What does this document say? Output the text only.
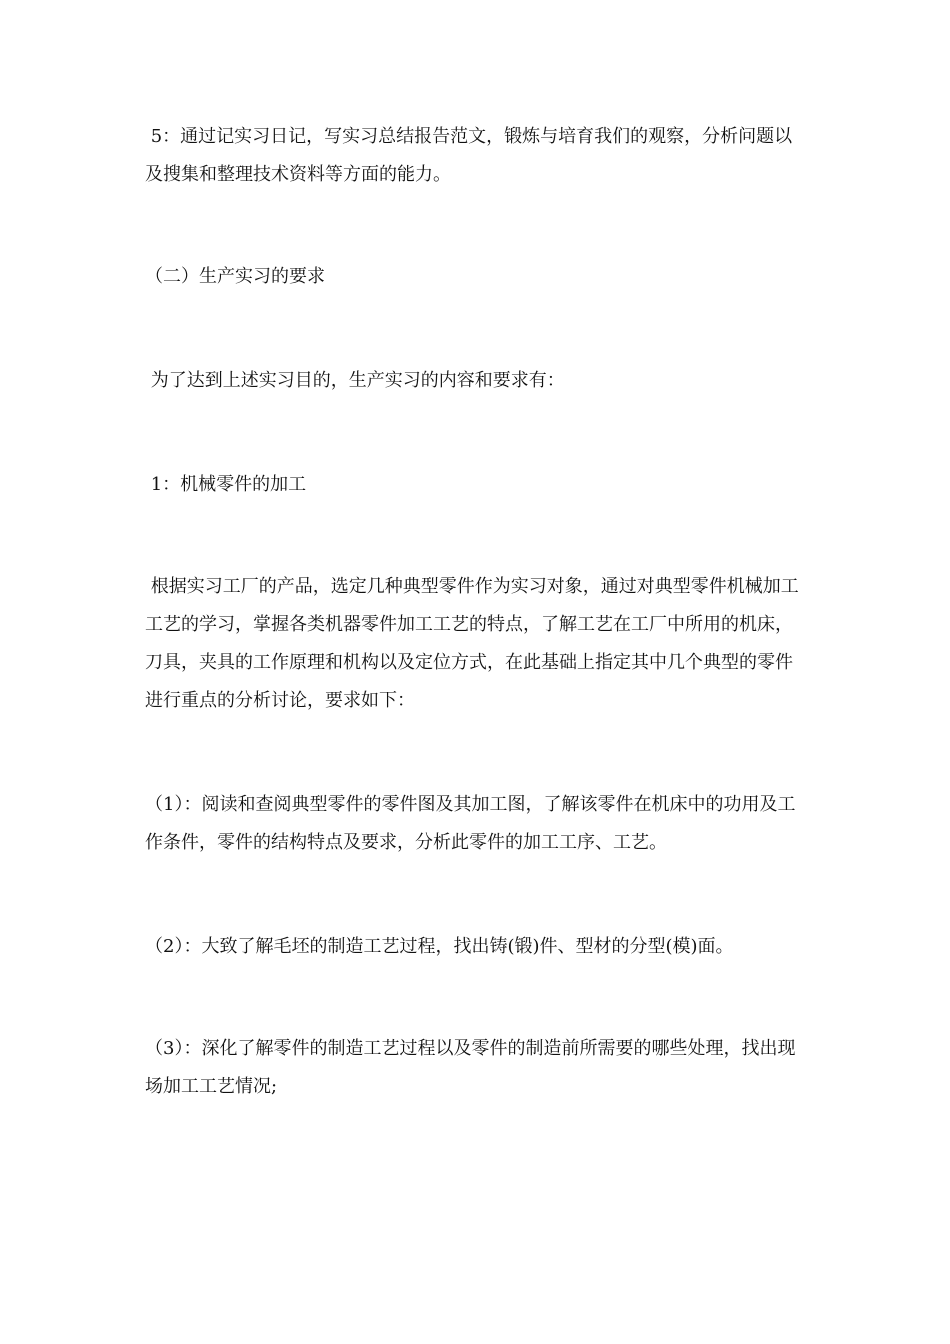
5：通过记实习日记，写实习总结报告范文，锻炼与培育我们的观察，分析问题以及搜集和整理技术资料等方面的能力。

（二）生产实习的要求

为了达到上述实习目的，生产实习的内容和要求有：

1：机械零件的加工

根据实习工厂的产品，选定几种典型零件作为实习对象，通过对典型零件机械加工工艺的学习，掌握各类机器零件加工工艺的特点，了解工艺在工厂中所用的机床，刀具，夹具的工作原理和机构以及定位方式，在此基础上指定其中几个典型的零件进行重点的分析讨论，要求如下：

（1）：阅读和查阅典型零件的零件图及其加工图，了解该零件在机床中的功用及工作条件，零件的结构特点及要求，分析此零件的加工工序、工艺。

（2）：大致了解毛坯的制造工艺过程，找出铸(锻)件、型材的分型(模)面。

（3）：深化了解零件的制造工艺过程以及零件的制造前所需要的哪些处理，找出现场加工工艺情况;
